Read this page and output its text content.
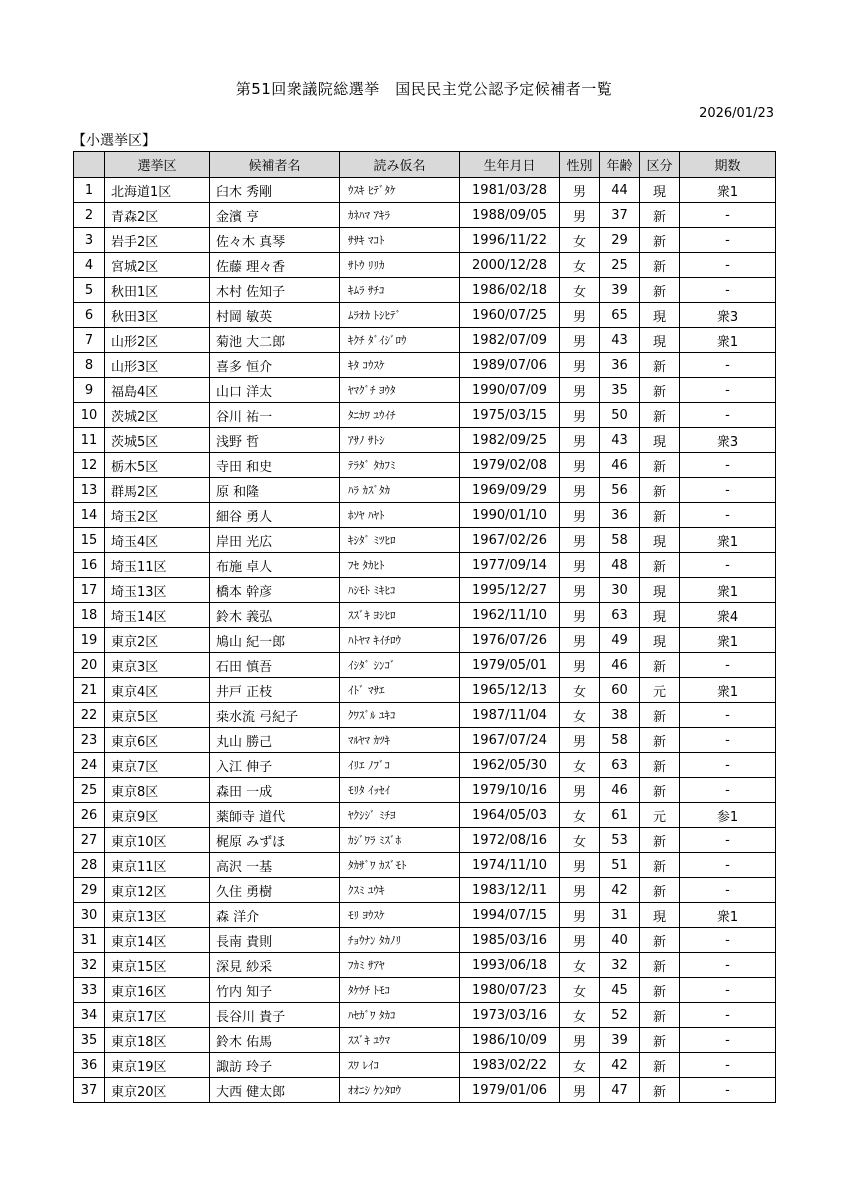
第51回衆議院総選挙　国民民主党公認予定候補者一覧
2026/01/23
【小選挙区】
	選挙区	候補者名	読み仮名	生年月日	性別	年齢	区分	期数
1	北海道1区	臼木 秀剛	ｳｽｷ ﾋﾃﾞﾀｹ	1981/03/28	男	44	現	衆1
2	青森2区	金濱 亨	ｶﾈﾊﾏ ｱｷﾗ	1988/09/05	男	37	新	-
3	岩手2区	佐々木 真琴	ｻｻｷ ﾏｺﾄ	1996/11/22	女	29	新	-
4	宮城2区	佐藤 理々香	ｻﾄｳ ﾘﾘｶ	2000/12/28	女	25	新	-
5	秋田1区	木村 佐知子	ｷﾑﾗ ｻﾁｺ	1986/02/18	女	39	新	-
6	秋田3区	村岡 敏英	ﾑﾗｵｶ ﾄｼﾋﾃﾞ	1960/07/25	男	65	現	衆3
7	山形2区	菊池 大二郎	ｷｸﾁ ﾀﾞｲｼﾞﾛｳ	1982/07/09	男	43	現	衆1
8	山形3区	喜多 恒介	ｷﾀ ｺｳｽｹ	1989/07/06	男	36	新	-
9	福島4区	山口 洋太	ﾔﾏｸﾞﾁ ﾖｳﾀ	1990/07/09	男	35	新	-
10	茨城2区	谷川 祐一	ﾀﾆｶﾜ ﾕｳｲﾁ	1975/03/15	男	50	新	-
11	茨城5区	浅野 哲	ｱｻﾉ ｻﾄｼ	1982/09/25	男	43	現	衆3
12	栃木5区	寺田 和史	ﾃﾗﾀﾞ ﾀｶﾌﾐ	1979/02/08	男	46	新	-
13	群馬2区	原 和隆	ﾊﾗ ｶｽﾞﾀｶ	1969/09/29	男	56	新	-
14	埼玉2区	細谷 勇人	ﾎｿﾔ ﾊﾔﾄ	1990/01/10	男	36	新	-
15	埼玉4区	岸田 光広	ｷｼﾀﾞ ﾐﾂﾋﾛ	1967/02/26	男	58	現	衆1
16	埼玉11区	布施 卓人	ﾌｾ ﾀｶﾋﾄ	1977/09/14	男	48	新	-
17	埼玉13区	橋本 幹彦	ﾊｼﾓﾄ ﾐｷﾋｺ	1995/12/27	男	30	現	衆1
18	埼玉14区	鈴木 義弘	ｽｽﾞｷ ﾖｼﾋﾛ	1962/11/10	男	63	現	衆4
19	東京2区	鳩山 紀一郎	ﾊﾄﾔﾏ ｷｲﾁﾛｳ	1976/07/26	男	49	現	衆1
20	東京3区	石田 慎吾	ｲｼﾀﾞ ｼﾝｺﾞ	1979/05/01	男	46	新	-
21	東京4区	井戸 正枝	ｲﾄﾞ ﾏｻｴ	1965/12/13	女	60	元	衆1
22	東京5区	桒水流 弓紀子	ｸﾜｽﾞﾙ ﾕｷｺ	1987/11/04	女	38	新	-
23	東京6区	丸山 勝己	ﾏﾙﾔﾏ ｶﾂｷ	1967/07/24	男	58	新	-
24	東京7区	入江 伸子	ｲﾘｴ ﾉﾌﾞｺ	1962/05/30	女	63	新	-
25	東京8区	森田 一成	ﾓﾘﾀ ｲｯｾｲ	1979/10/16	男	46	新	-
26	東京9区	薬師寺 道代	ﾔｸｼｼﾞ ﾐﾁﾖ	1964/05/03	女	61	元	参1
27	東京10区	梶原 みずほ	ｶｼﾞﾜﾗ ﾐｽﾞﾎ	1972/08/16	女	53	新	-
28	東京11区	高沢 一基	ﾀｶｻﾞﾜ ｶｽﾞﾓﾄ	1974/11/10	男	51	新	-
29	東京12区	久住 勇樹	ｸｽﾐ ﾕｳｷ	1983/12/11	男	42	新	-
30	東京13区	森 洋介	ﾓﾘ ﾖｳｽｹ	1994/07/15	男	31	現	衆1
31	東京14区	長南 貴則	ﾁｮｳﾅﾝ ﾀｶﾉﾘ	1985/03/16	男	40	新	-
32	東京15区	深見 紗采	ﾌｶﾐ ｻｱﾔ	1993/06/18	女	32	新	-
33	東京16区	竹内 知子	ﾀｹｳﾁ ﾄﾓｺ	1980/07/23	女	45	新	-
34	東京17区	長谷川 貴子	ﾊｾｶﾞﾜ ﾀｶｺ	1973/03/16	女	52	新	-
35	東京18区	鈴木 佑馬	ｽｽﾞｷ ﾕｳﾏ	1986/10/09	男	39	新	-
36	東京19区	諏訪 玲子	ｽﾜ ﾚｲｺ	1983/02/22	女	42	新	-
37	東京20区	大西 健太郎	ｵｵﾆｼ ｹﾝﾀﾛｳ	1979/01/06	男	47	新	-
